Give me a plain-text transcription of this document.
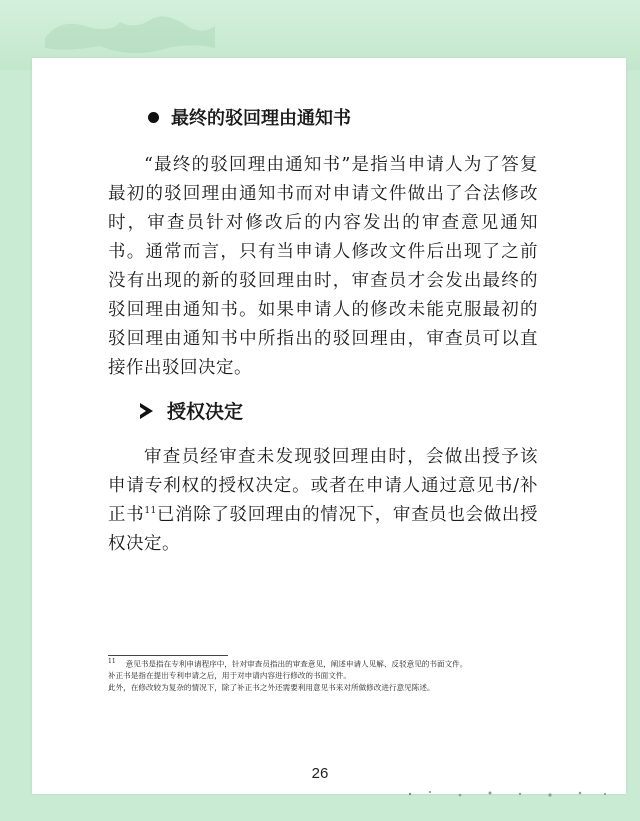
最终的驳回理由通知书

“最终的驳回理由通知书”是指当申请人为了答复最初的驳回理由通知书而对申请文件做出了合法修改时，审查员针对修改后的内容发出的审查意见通知书。通常而言，只有当申请人修改文件后出现了之前没有出现的新的驳回理由时，审查员才会发出最终的驳回理由通知书。如果申请人的修改未能克服最初的驳回理由通知书中所指出的驳回理由，审查员可以直接作出驳回决定。

授权决定

审查员经审查未发现驳回理由时，会做出授予该申请专利权的授权决定。或者在申请人通过意见书/补正书$^{11}$已消除了驳回理由的情况下，审查员也会做出授权决定。

$^{11}$ 意见书是指在专利申请程序中，针对审查员指出的审查意见，阐述申请人见解、反驳意见的书面文件。

补正书是指在提出专利申请之后，用于对申请内容进行修改的书面文件。

此外，在修改较为复杂的情况下，除了补正书之外还需要利用意见书来对所做修改进行意见陈述。

26
